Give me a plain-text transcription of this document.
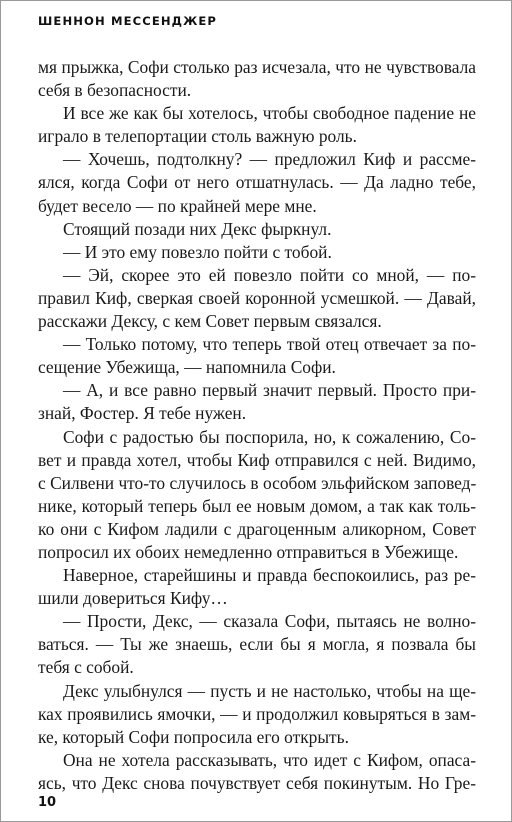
ШЕННОН МЕССЕНДЖЕР
мя прыжка, Софи столько раз исчезала, что не чувствовала
себя в безопасности.
И все же как бы хотелось, чтобы свободное падение не
играло в телепортации столь важную роль.
— Хочешь, подтолкну? — предложил Киф и рассме-
ялся, когда Софи от него отшатнулась. — Да ладно тебе,
будет весело — по крайней мере мне.
Стоящий позади них Декс фыркнул.
— И это ему повезло пойти с тобой.
— Эй, скорее это ей повезло пойти со мной, — по-
правил Киф, сверкая своей коронной усмешкой. — Давай,
расскажи Дексу, с кем Совет первым связался.
— Только потому, что теперь твой отец отвечает за по-
сещение Убежища, — напомнила Софи.
— А, и все равно первый значит первый. Просто при-
знай, Фостер. Я тебе нужен.
Софи с радостью бы поспорила, но, к сожалению, Со-
вет и правда хотел, чтобы Киф отправился с ней. Видимо,
с Силвени что-то случилось в особом эльфийском заповед-
нике, который теперь был ее новым домом, а так как толь-
ко они с Кифом ладили с драгоценным аликорном, Совет
попросил их обоих немедленно отправиться в Убежище.
Наверное, старейшины и правда беспокоились, раз ре-
шили довериться Кифу…
— Прости, Декс, — сказала Софи, пытаясь не волно-
ваться. — Ты же знаешь, если бы я могла, я позвала бы
тебя с собой.
Декс улыбнулся — пусть и не настолько, чтобы на ще-
ках проявились ямочки, — и продолжил ковыряться в зам-
ке, который Софи попросила его открыть.
Она не хотела рассказывать, что идет с Кифом, опаса-
ясь, что Декс снова почувствует себя покинутым. Но Гре-
10
